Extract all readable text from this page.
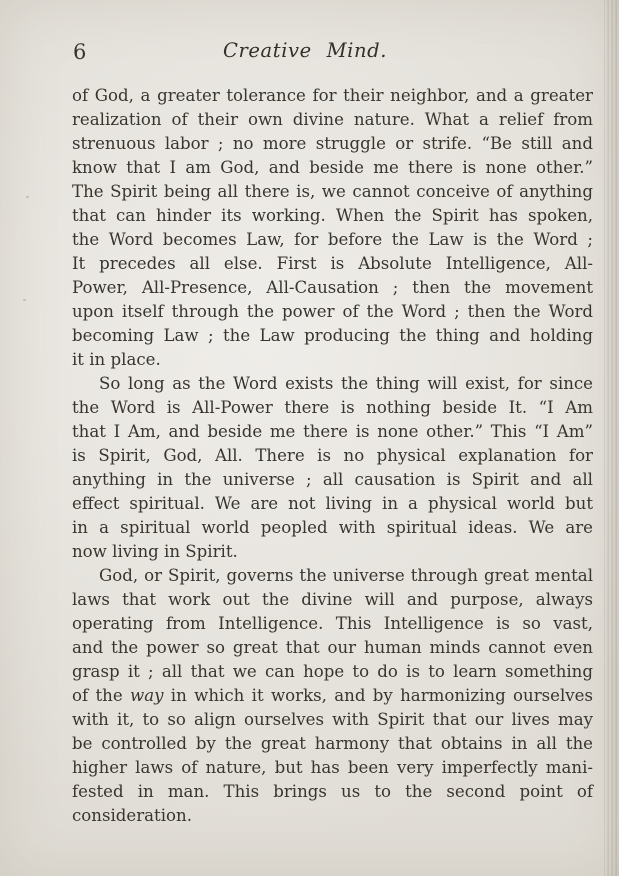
6	Creative Mind.
of God, a greater tolerance for their neighbor, and a greater
realization of their own divine nature. What a relief from
strenuous labor ; no more struggle or strife. “Be still and
know that I am God, and beside me there is none other.”
The Spirit being all there is, we cannot conceive of anything
that can hinder its working. When the Spirit has spoken,
the Word becomes Law, for before the Law is the Word ;
It precedes all else. First is Absolute Intelligence, All-
Power, All-Presence, All-Causation ; then the movement
upon itself through the power of the Word ; then the Word
becoming Law ; the Law producing the thing and holding
it in place.
So long as the Word exists the thing will exist, for since
the Word is All-Power there is nothing beside It. “I Am
that I Am, and beside me there is none other.” This “I Am”
is Spirit, God, All. There is no physical explanation for
anything in the universe ; all causation is Spirit and all
effect spiritual. We are not living in a physical world but
in a spiritual world peopled with spiritual ideas. We are
now living in Spirit.
God, or Spirit, governs the universe through great mental
laws that work out the divine will and purpose, always
operating from Intelligence. This Intelligence is so vast,
and the power so great that our human minds cannot even
grasp it ; all that we can hope to do is to learn something
of the way in which it works, and by harmonizing ourselves
with it, to so align ourselves with Spirit that our lives may
be controlled by the great harmony that obtains in all the
higher laws of nature, but has been very imperfectly mani-
fested in man. This brings us to the second point of
consideration.
